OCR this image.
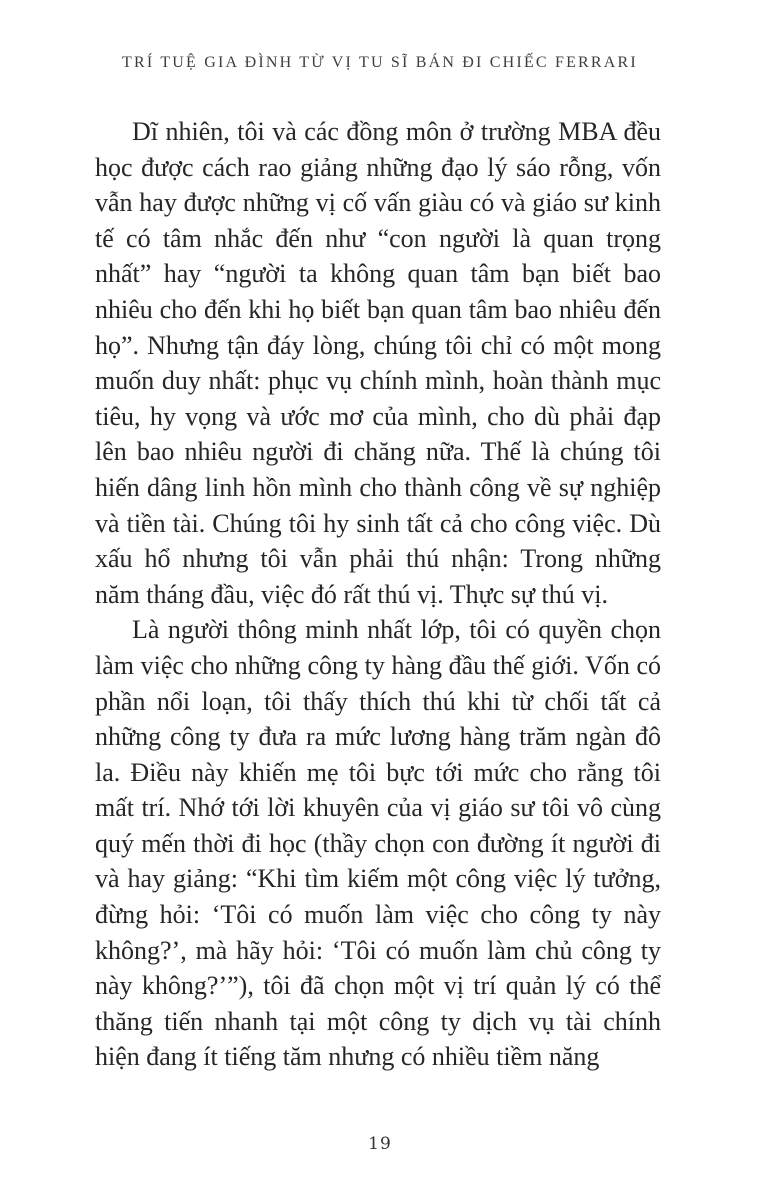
TRÍ TUỆ GIA ĐÌNH TỪ VỊ TU SĨ BÁN ĐI CHIẾC FERRARI

Dĩ nhiên, tôi và các đồng môn ở trường MBA đều học được cách rao giảng những đạo lý sáo rỗng, vốn vẫn hay được những vị cố vấn giàu có và giáo sư kinh tế có tâm nhắc đến như “con người là quan trọng nhất” hay “người ta không quan tâm bạn biết bao nhiêu cho đến khi họ biết bạn quan tâm bao nhiêu đến họ”. Nhưng tận đáy lòng, chúng tôi chỉ có một mong muốn duy nhất: phục vụ chính mình, hoàn thành mục tiêu, hy vọng và ước mơ của mình, cho dù phải đạp lên bao nhiêu người đi chăng nữa. Thế là chúng tôi hiến dâng linh hồn mình cho thành công về sự nghiệp và tiền tài. Chúng tôi hy sinh tất cả cho công việc. Dù xấu hổ nhưng tôi vẫn phải thú nhận: Trong những năm tháng đầu, việc đó rất thú vị. Thực sự thú vị.

Là người thông minh nhất lớp, tôi có quyền chọn làm việc cho những công ty hàng đầu thế giới. Vốn có phần nổi loạn, tôi thấy thích thú khi từ chối tất cả những công ty đưa ra mức lương hàng trăm ngàn đô la. Điều này khiến mẹ tôi bực tới mức cho rằng tôi mất trí. Nhớ tới lời khuyên của vị giáo sư tôi vô cùng quý mến thời đi học (thầy chọn con đường ít người đi và hay giảng: “Khi tìm kiếm một công việc lý tưởng, đừng hỏi: ‘Tôi có muốn làm việc cho công ty này không?’, mà hãy hỏi: ‘Tôi có muốn làm chủ công ty này không?’”), tôi đã chọn một vị trí quản lý có thể thăng tiến nhanh tại một công ty dịch vụ tài chính hiện đang ít tiếng tăm nhưng có nhiều tiềm năng

19
